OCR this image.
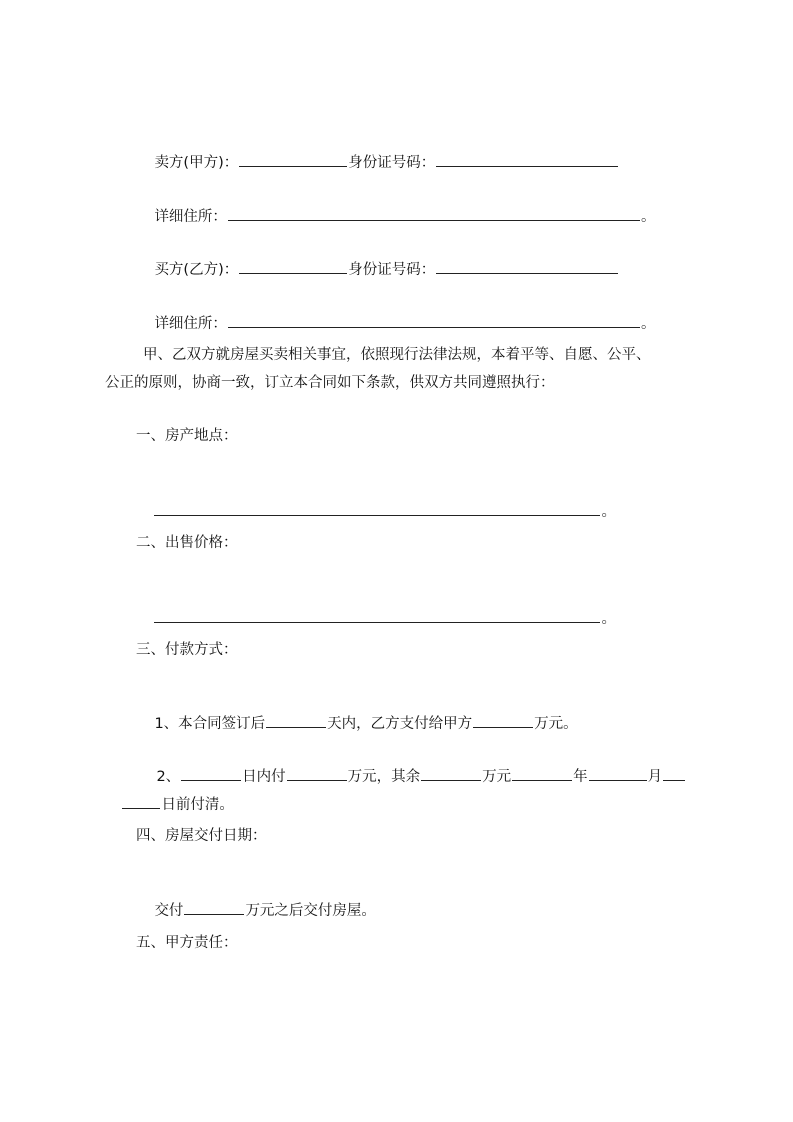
卖方(甲方)：	身份证号码：

详细住所：	。

买方(乙方)：	身份证号码：

详细住所：	。

甲、乙双方就房屋买卖相关事宜，依照现行法律法规，本着平等、自愿、公平、
公正的原则，协商一致，订立本合同如下条款，供双方共同遵照执行：
一、房产地点：

。

二、出售价格：

。

三、付款方式：

1、本合同签订后	天内，乙方支付给甲方	万元。

2、	日内付	万元，其余	万元	年	月

日前付清。

四、房屋交付日期：

交付	万元之后交付房屋。

五、甲方责任：
